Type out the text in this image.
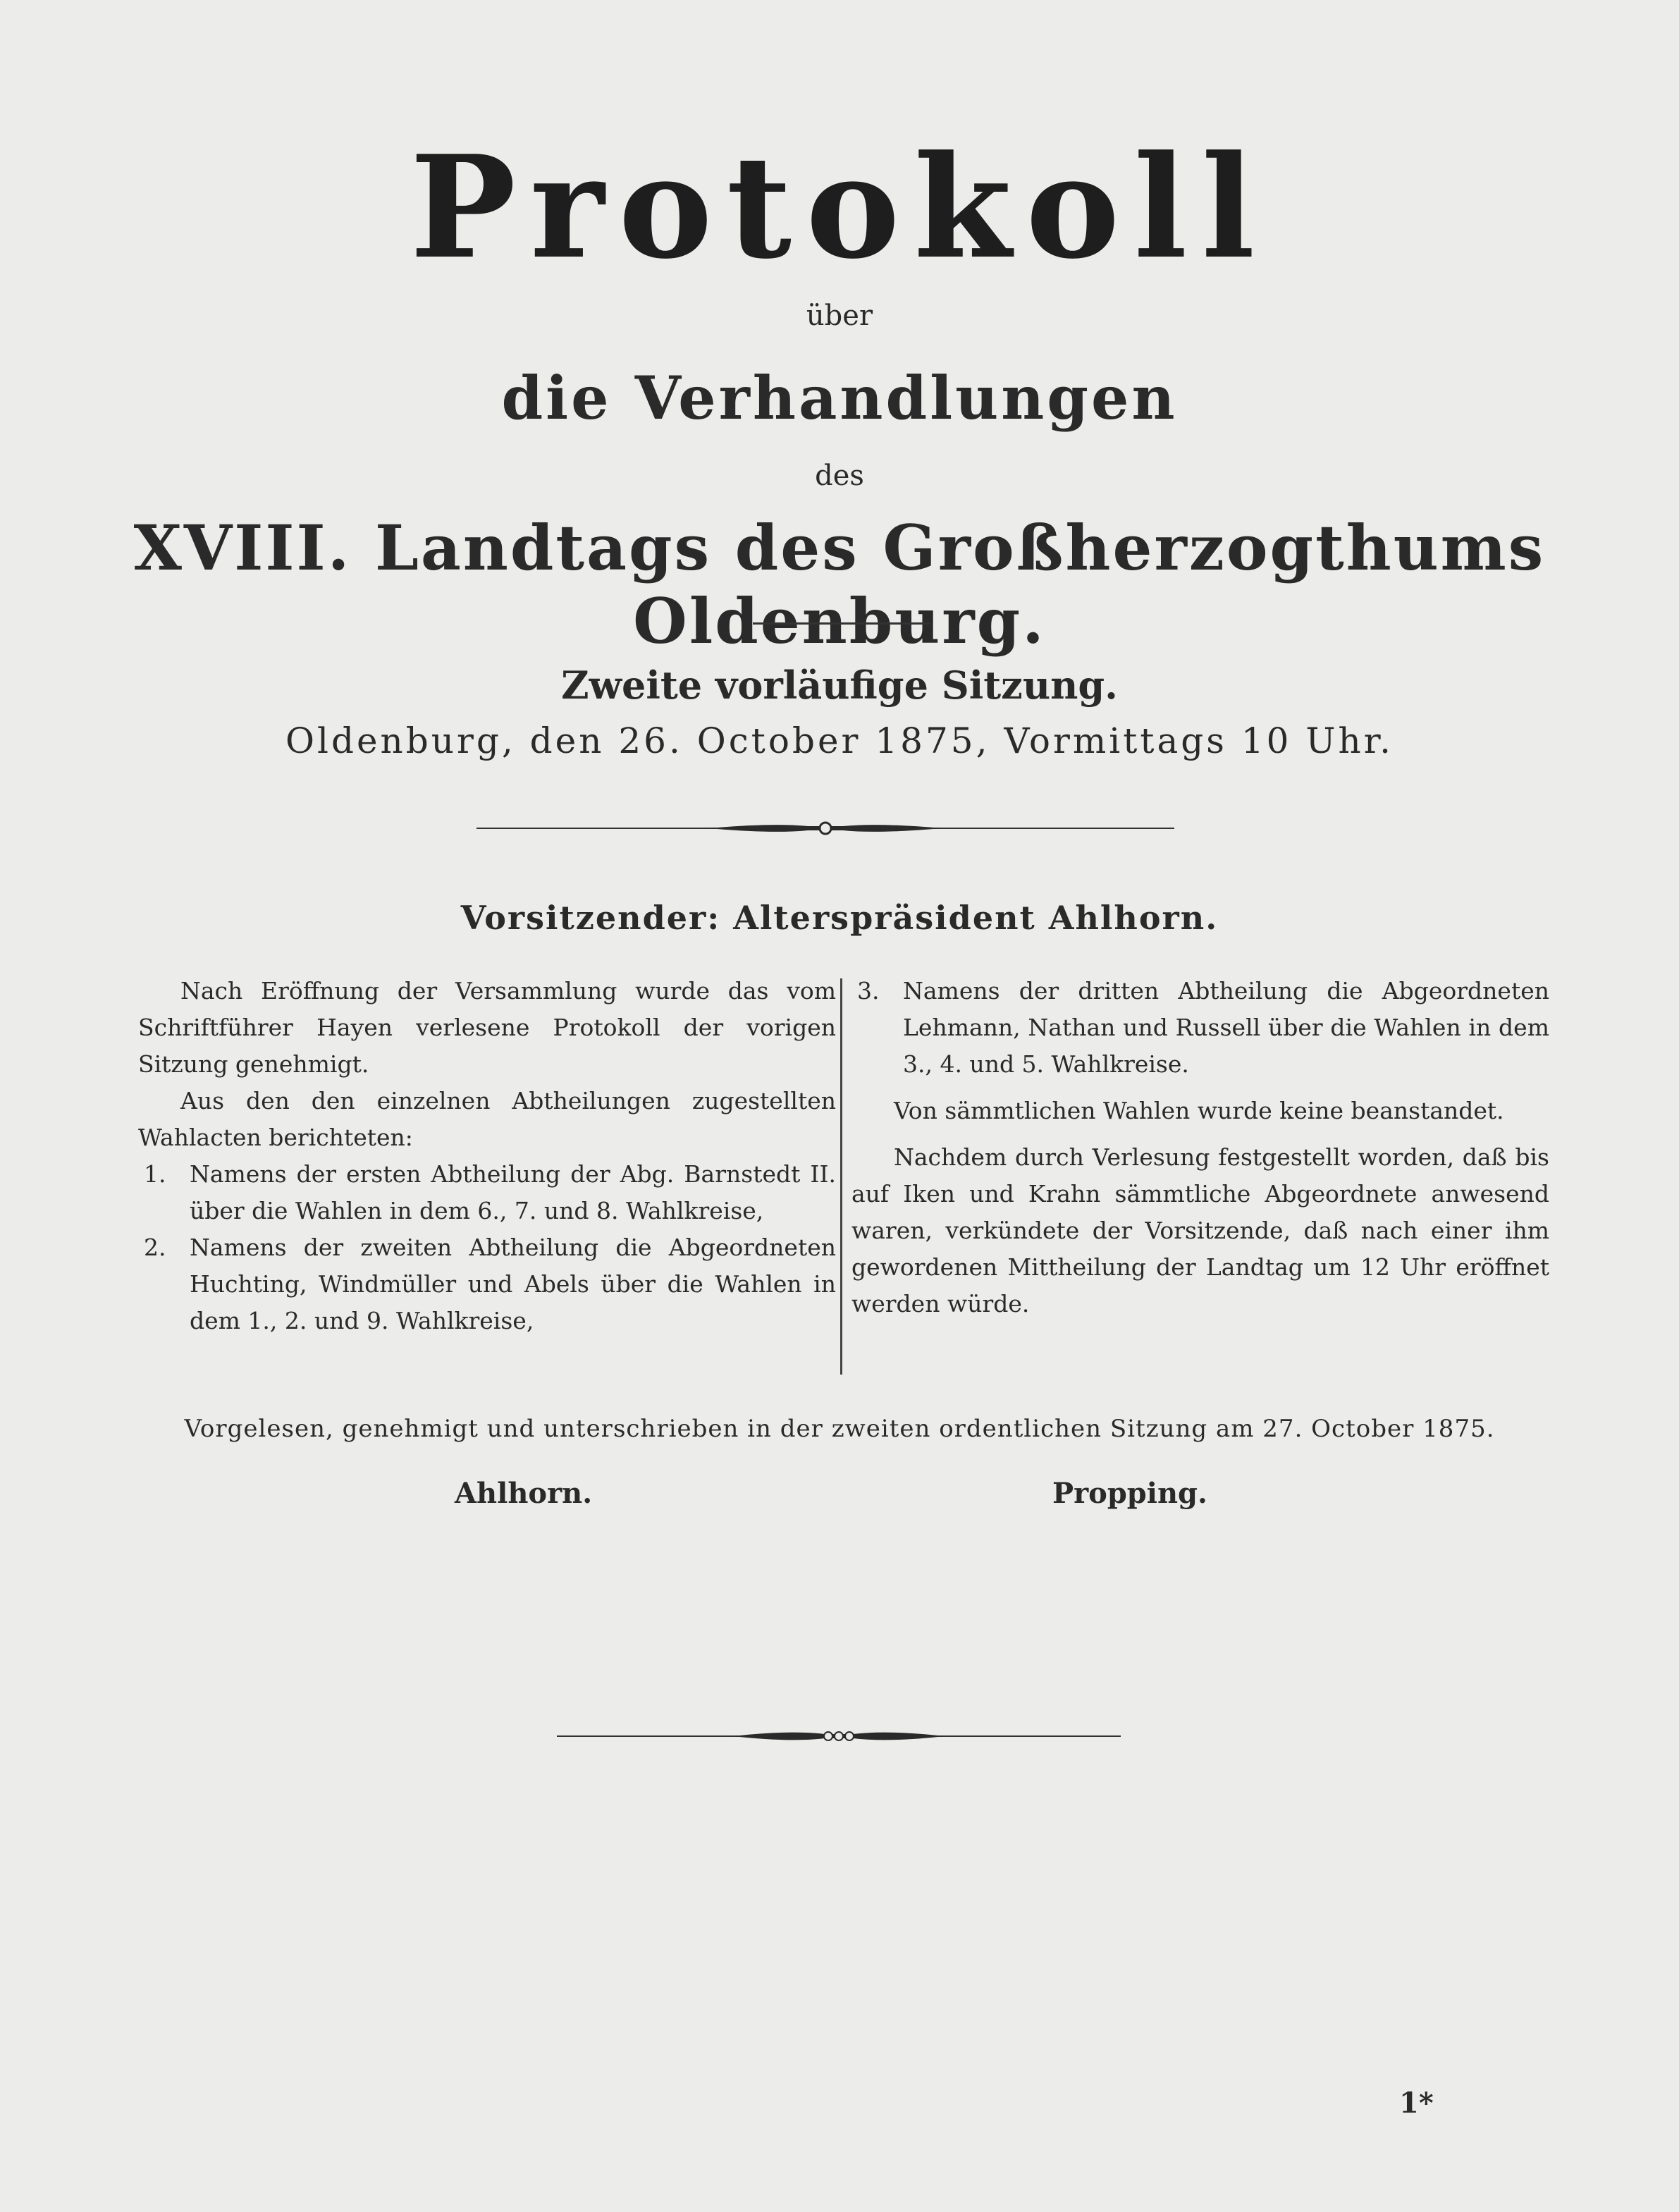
Protokoll
über
die Verhandlungen
des
XVIII. Landtags des Großherzogthums Oldenburg.
Zweite vorläufige Sitzung.
Oldenburg, den 26. October 1875, Vormittags 10 Uhr.
Vorsitzender: Alterspräsident Ahlhorn.

Nach Eröffnung der Versammlung wurde das vom Schriftführer Hayen verlesene Protokoll der vorigen Sitzung genehmigt.

Aus den den einzelnen Abtheilungen zugestellten Wahlacten berichteten:

1. Namens der ersten Abtheilung der Abg. Barnstedt II. über die Wahlen in dem 6., 7. und 8. Wahlkreise,

2. Namens der zweiten Abtheilung die Abgeordneten Huchting, Windmüller und Abels über die Wahlen in dem 1., 2. und 9. Wahlkreise,

3. Namens der dritten Abtheilung die Abgeordneten Lehmann, Nathan und Russell über die Wahlen in dem 3., 4. und 5. Wahlkreise.

Von sämmtlichen Wahlen wurde keine beanstandet.

Nachdem durch Verlesung festgestellt worden, daß bis auf Iken und Krahn sämmtliche Abgeordnete anwesend waren, verkündete der Vorsitzende, daß nach einer ihm gewordenen Mittheilung der Landtag um 12 Uhr eröffnet werden würde.

Vorgelesen, genehmigt und unterschrieben in der zweiten ordentlichen Sitzung am 27. October 1875.
Ahlhorn.	Propping.
1*
